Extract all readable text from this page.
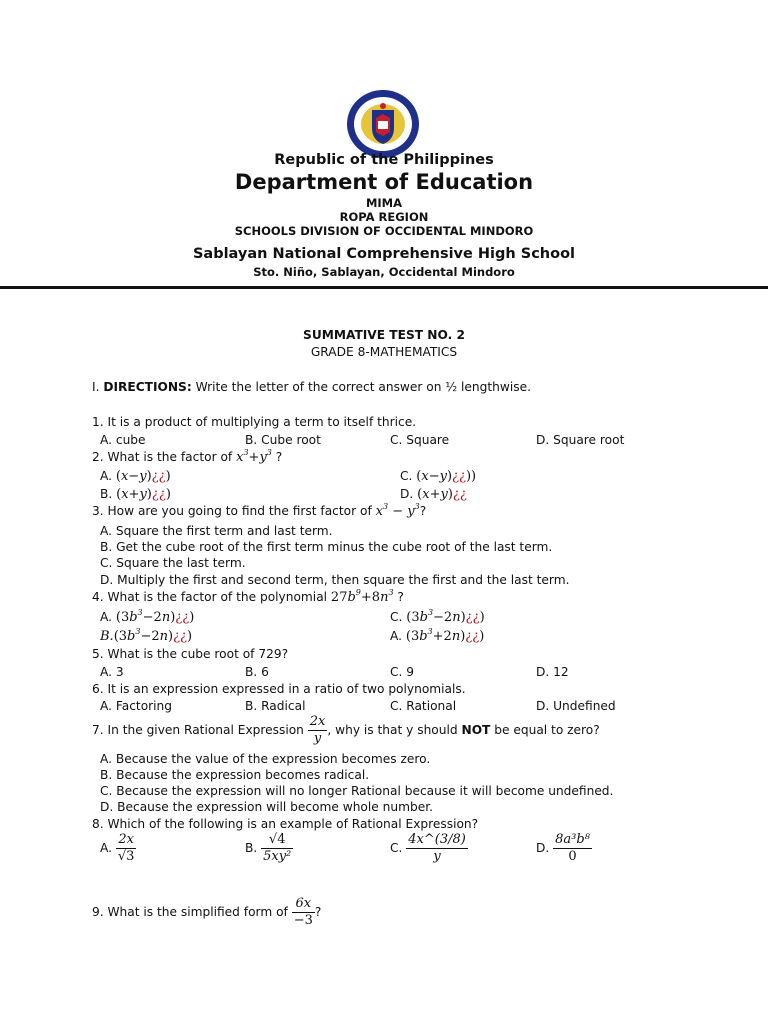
Republic of the Philippines
Department of Education
MIMA
ROPA REGION
SCHOOLS DIVISION OF OCCIDENTAL MINDORO
Sablayan National Comprehensive High School
Sto. Niño, Sablayan, Occidental Mindoro
SUMMATIVE TEST NO. 2
GRADE 8-MATHEMATICS
I. DIRECTIONS: Write the letter of the correct answer on ½ lengthwise.
1. It is a product of multiplying a term to itself thrice.
A. cube	B. Cube root	C. Square	D. Square root
2. What is the factor of $x^3+y^3$ ?
A. (x−y)¿¿)	C. (x−y)¿¿))
B. (x+y)¿¿)	D. (x+y)¿¿
3. How are you going to find the first factor of $x^3 - y^3$?
A. Square the first term and last term.
B. Get the cube root of the first term minus the cube root of the last term.
C. Square the last term.
D. Multiply the first and second term, then square the first and the last term.
4. What is the factor of the polynomial $27b^9+8n^3$ ?
A. $(3b^3-2n)¿¿$)	C. $(3b^3-2n)¿¿$)
$B.(3b^3-2n)¿¿$)	A. $(3b^3+2n)¿¿$)
5. What is the cube root of 729?
A. 3	B. 6	C. 9	D. 12
6. It is an expression expressed in a ratio of two polynomials.
A. Factoring	B. Radical	C. Rational	D. Undefined
7. In the given Rational Expression $\frac{2x}{y}$ , why is that y should NOT be equal to zero?
A. Because the value of the expression becomes zero.
B. Because the expression becomes radical.
C. Because the expression will no longer Rational because it will become undefined.
D. Because the expression will become whole number.
8. Which of the following is an example of Rational Expression?
A. $\frac{2x}{√3}$	B. $\frac{√4}{\text{5xy²}}$	C. $\frac{4x\^{}(3/8)}{y}$	D. $\frac{\text{8a³b⁸}}{0}$
9. What is the simplified form of $\frac{6x}{-3}$ ?
